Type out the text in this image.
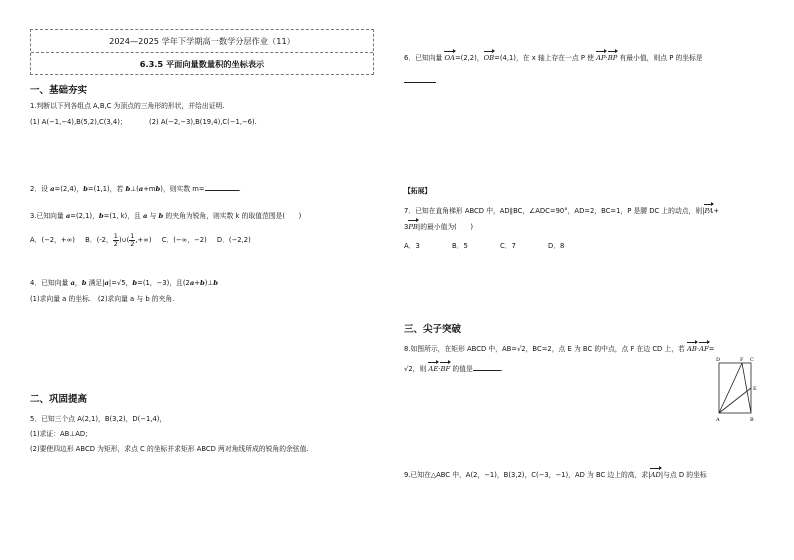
2024—2025 学年下学期高一数学分层作业（11）
6.3.5 平面向量数量积的坐标表示
一、基础夯实
1.判断以下列各组点 A,B,C 为顶点的三角形的形状，并给出证明.
(1) A(−1,−4),B(5,2),C(3,4)；	(2) A(−2,−3),B(19,4),C(−1,−6).
2．设 a=(2,4)，b=(1,1)，若 b⊥(a+mb)，则实数 m=	.
3.已知向量 a=(2,1)，b=(1, k)，且 a 与 b 的夹角为锐角，则实数 k 的取值范围是(　　)
A．(−2，+∞) B．(-2， $\frac{1}{2}$ )∪( $\frac{1}{2}$ ,+∞) C．(−∞，−2) D．(−2,2)
4．已知向量 a，b 满足|a|=√5，b=(1，−3)，且(2a+b)⊥b
(1)求向量 a 的坐标.　(2)求向量 a 与 b 的夹角.
二、巩固提高
5．已知三个点 A(2,1)，B(3,2)，D(−1,4)，
(1)求证：AB⊥AD；
(2)要使四边形 ABCD 为矩形，求点 C 的坐标并求矩形 ABCD 两对角线所成的锐角的余弦值.
6．已知向量 OA=(2,2)，OB=(4,1)，在 x 轴上存在一点 P 使 AP·BP 有最小值，则点 P 的坐标是
【拓展】
7．已知在直角梯形 ABCD 中，AD∥BC，∠ADC=90°，AD=2，BC=1，P 是腰 DC 上的动点，则|PA+
3PB|的最小值为(　　)
A．3	B．5	C．7	D．8
三、尖子突破
8.如图所示，在矩形 ABCD 中，AB=√2，BC=2，点 E 为 BC 的中点，点 F 在边 CD 上，若 AB·AF=
√2，则 AE·BF 的值是	.
D	F C
E
A	B
9.已知在△ABC 中，A(2，−1)，B(3,2)，C(−3，−1)，AD 为 BC 边上的高，求|AD|与点 D 的坐标
